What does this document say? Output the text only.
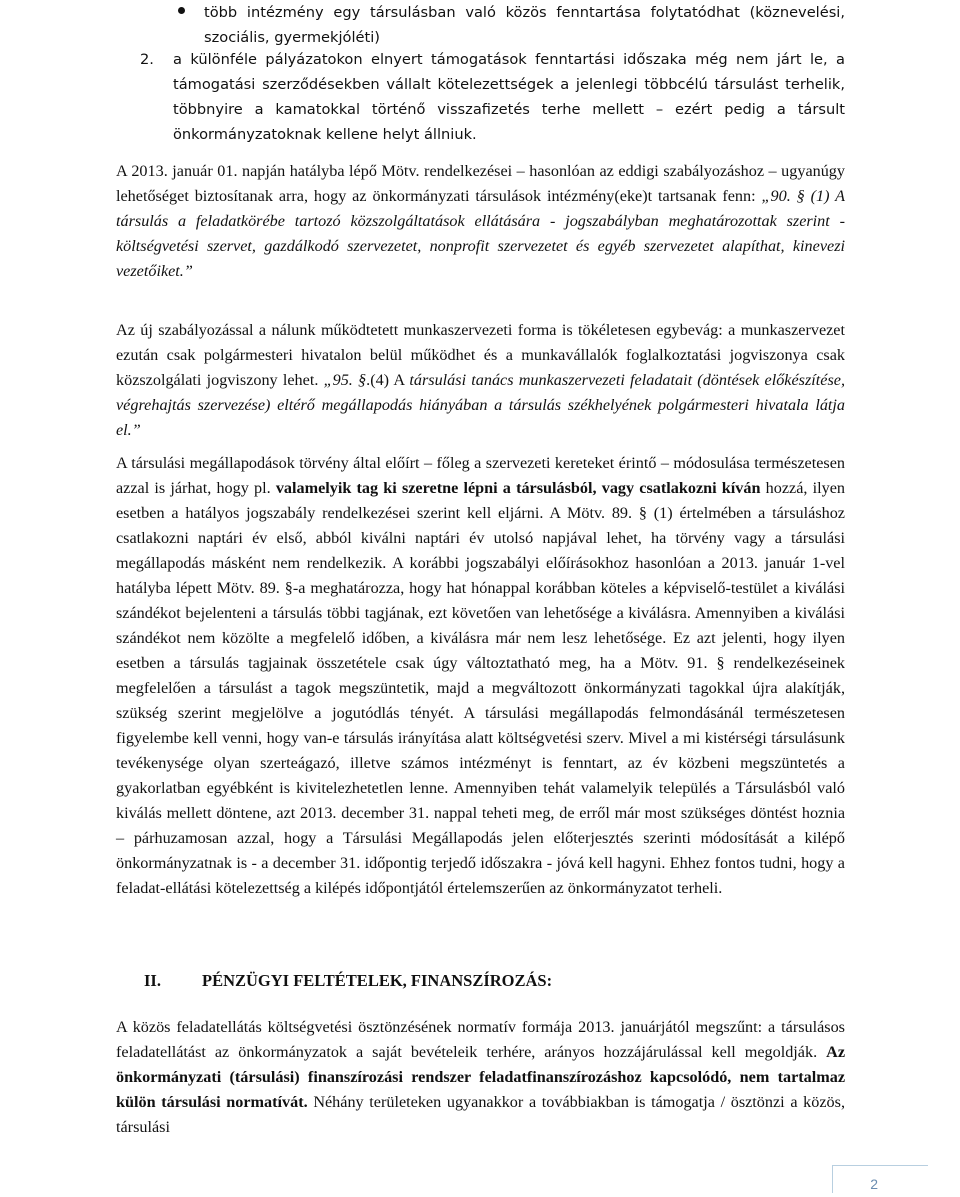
több intézmény egy társulásban való közös fenntartása folytatódhat (köznevelési, szociális, gyermekjóléti)
2. a különféle pályázatokon elnyert támogatások fenntartási időszaka még nem járt le, a támogatási szerződésekben vállalt kötelezettségek a jelenlegi többcélú társulást terhelik, többnyire a kamatokkal történő visszafizetés terhe mellett – ezért pedig a társult önkormányzatoknak kellene helyt állniuk.
A 2013. január 01. napján hatályba lépő Mötv. rendelkezései – hasonlóan az eddigi szabályozáshoz – ugyanúgy lehetőséget biztosítanak arra, hogy az önkormányzati társulások intézmény(eke)t tartsanak fenn: „90. § (1) A társulás a feladatkörébe tartozó közszolgáltatások ellátására - jogszabályban meghatározottak szerint - költségvetési szervet, gazdálkodó szervezetet, nonprofit szervezetet és egyéb szervezetet alapíthat, kinevezi vezetőiket.”
Az új szabályozással a nálunk működtetett munkaszervezeti forma is tökéletesen egybevág: a munkaszervezet ezután csak polgármesteri hivatalon belül működhet és a munkavállalók foglalkoztatási jogviszonya csak közszolgálati jogviszony lehet. „95. §.(4) A társulási tanács munkaszervezeti feladatait (döntések előkészítése, végrehajtás szervezése) eltérő megállapodás hiányában a társulás székhelyének polgármesteri hivatala látja el.”
A társulási megállapodások törvény által előírt – főleg a szervezeti kereteket érintő – módosulása természetesen azzal is járhat, hogy pl. valamelyik tag ki szeretne lépni a társulásból, vagy csatlakozni kíván hozzá, ilyen esetben a hatályos jogszabály rendelkezései szerint kell eljárni. A Mötv. 89. § (1) értelmében a társuláshoz csatlakozni naptári év első, abból kiválni naptári év utolsó napjával lehet, ha törvény vagy a társulási megállapodás másként nem rendelkezik. A korábbi jogszabályi előírásokhoz hasonlóan a 2013. január 1-vel hatályba lépett Mötv. 89. §-a meghatározza, hogy hat hónappal korábban köteles a képviselő-testület a kiválási szándékot bejelenteni a társulás többi tagjának, ezt követően van lehetősége a kiválásra. Amennyiben a kiválási szándékot nem közölte a megfelelő időben, a kiválásra már nem lesz lehetősége. Ez azt jelenti, hogy ilyen esetben a társulás tagjainak összetétele csak úgy változtatható meg, ha a Mötv. 91. § rendelkezéseinek megfelelően a társulást a tagok megszüntetik, majd a megváltozott önkormányzati tagokkal újra alakítják, szükség szerint megjelölve a jogutódlás tényét. A társulási megállapodás felmondásánál természetesen figyelembe kell venni, hogy van-e társulás irányítása alatt költségvetési szerv. Mivel a mi kistérségi társulásunk tevékenysége olyan szerteágazó, illetve számos intézményt is fenntart, az év közbeni megszüntetés a gyakorlatban egyébként is kivitelezhetetlen lenne. Amennyiben tehát valamelyik település a Társulásból való kiválás mellett döntene, azt 2013. december 31. nappal teheti meg, de erről már most szükséges döntést hoznia – párhuzamosan azzal, hogy a Társulási Megállapodás jelen előterjesztés szerinti módosítását a kilépő önkormányzatnak is - a december 31. időpontig terjedő időszakra - jóvá kell hagyni. Ehhez fontos tudni, hogy a feladat-ellátási kötelezettség a kilépés időpontjától értelemszerűen az önkormányzatot terheli.
II. PÉNZÜGYI FELTÉTELEK, FINANSZÍROZÁS:
A közös feladatellátás költségvetési ösztönzésének normatív formája 2013. januárjától megszűnt: a társulásos feladatellátást az önkormányzatok a saját bevételeik terhére, arányos hozzájárulással kell megoldják. Az önkormányzati (társulási) finanszírozási rendszer feladatfinanszírozáshoz kapcsolódó, nem tartalmaz külön társulási normatívát. Néhány területeken ugyanakkor a továbbiakban is támogatja / ösztönzi a közös, társulási
2
